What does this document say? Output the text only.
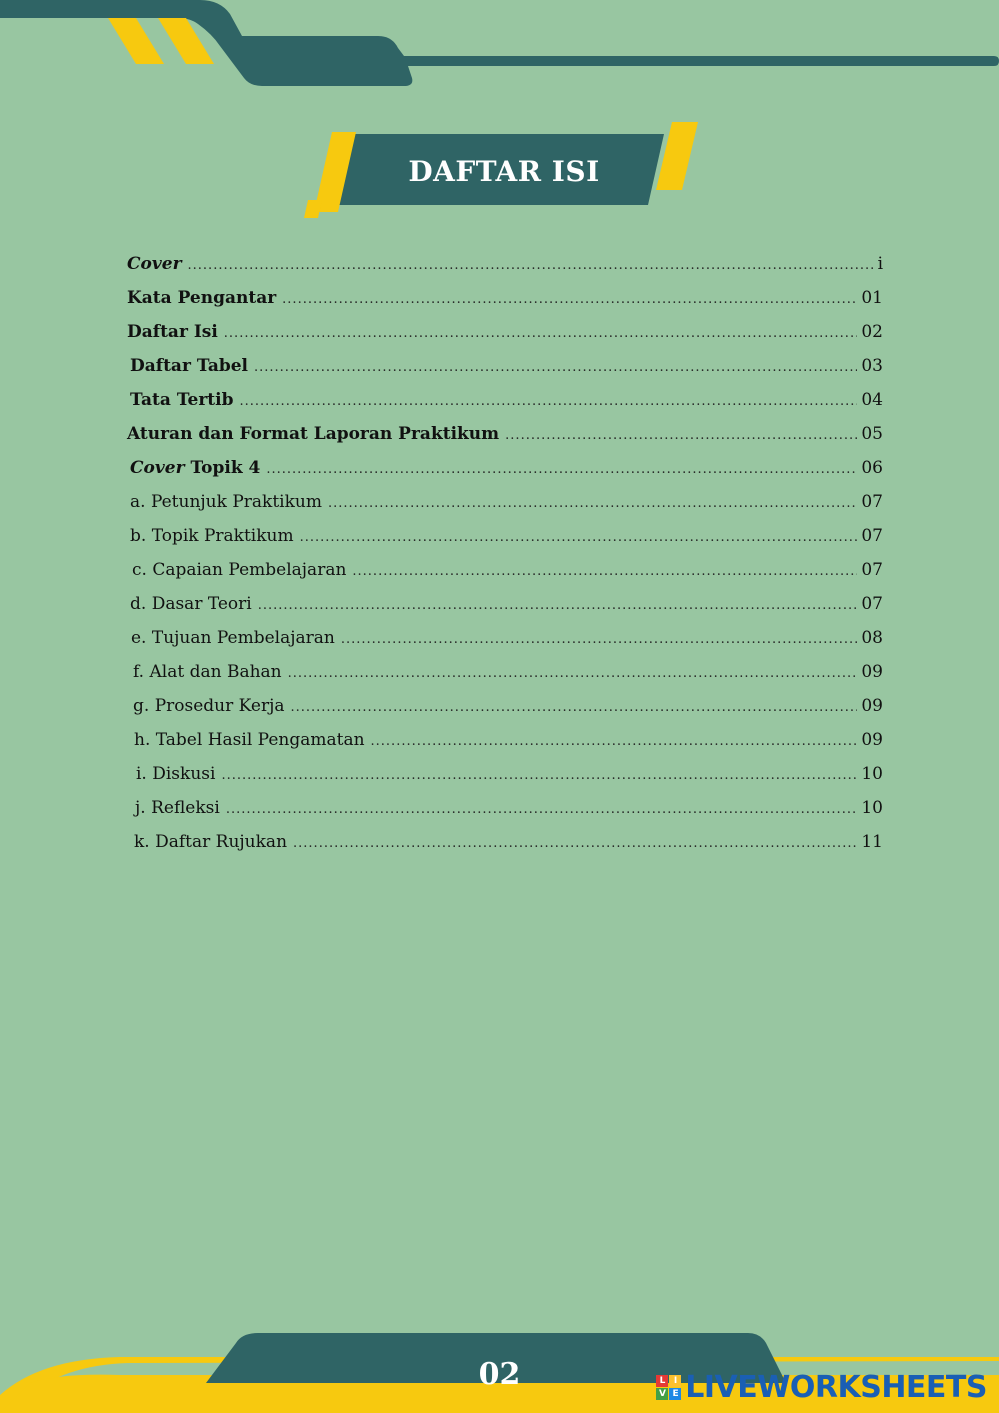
DAFTAR ISI
Cover .....	i
Kata Pengantar .....	01
Daftar Isi .....	02
Daftar Tabel .....	03
Tata Tertib .....	04
Aturan dan Format Laporan Praktikum .....	05
Cover Topik 4 .....	06
a. Petunjuk Praktikum .....	07
b. Topik Praktikum .....	07
c. Capaian Pembelajaran .....	07
d. Dasar Teori .....	07
e. Tujuan Pembelajaran .....	08
f. Alat dan Bahan .....	09
g. Prosedur Kerja .....	09
h. Tabel Hasil Pengamatan .....	09
i. Diskusi .....	10
j. Refleksi .....	10
k. Daftar Rujukan .....	11
02	L I
V E LIVE WORKSHEETS
